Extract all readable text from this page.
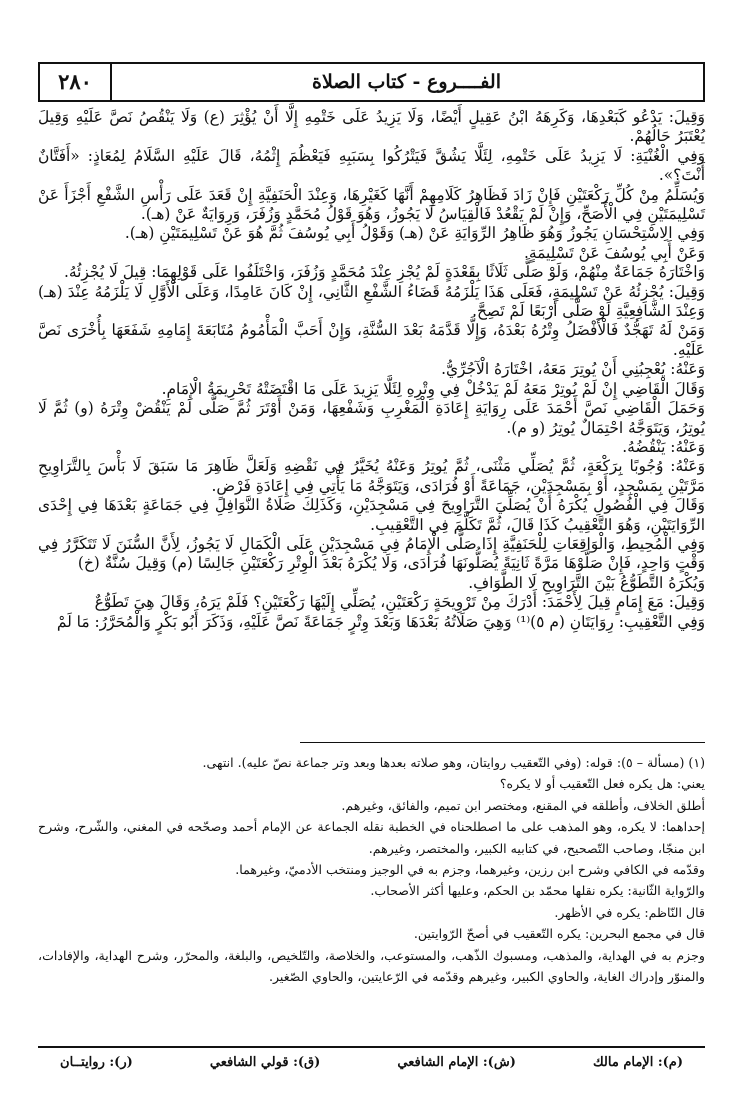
٢٨٠	الفــــروع - كتاب الصلاة

وَقِيلَ: يَدْعُو كَبَعْدِهَا، وَكَرِهَهُ ابْنُ عَقِيلٍ أَيْضًا، وَلَا يَزِيدُ عَلَى خَتْمِهِ إِلَّا أَنْ يُؤْثِرَ (ع) وَلَا يَنْقُصُ نَصَّ عَلَيْهِ وَقِيلَ يُعْتَبَرُ حَالُهُمْ.

وَفِي الْغُنْيَةِ: لَا يَزِيدُ عَلَى خَتْمِهِ، لِئَلَّا يَشُقَّ فَيَتْرُكُوا بِسَبَبِهِ فَيَعْظُمَ إِثْمُهُ، قَالَ عَلَيْهِ السَّلَامُ لِمُعَاذٍ: «أَفَتَّانٌ أَنْتَ؟».

وَيُسَلِّمُ مِنْ كُلِّ رَكْعَتَيْنِ فَإِنْ زَادَ فَظَاهِرُ كَلَامِهِمْ أَنَّهَا كَغَيْرِهَا، وَعِنْدَ الْحَنَفِيَّةِ إِنْ قَعَدَ عَلَى رَأْسِ الشَّفْعِ أَجْزَأَ عَنْ تَسْلِيمَتَيْنِ فِي الْأَصَحِّ، وَإِنْ لَمْ يَقْعُدْ فَالْقِيَاسُ لَا يَجُوزُ، وَهُوَ قَوْلُ مُحَمَّدٍ وَزُفَرَ، وَرِوَايَةٌ عَنْ (هـ).

وَفِي الِاسْتِحْسَانِ يَجُوزُ وَهُوَ ظَاهِرُ الرِّوَايَةِ عَنْ (هـ) وَقَوْلُ أَبِي يُوسُفَ ثُمَّ هُوَ عَنْ تَسْلِيمَتَيْنِ (هـ).

وَعَنْ أَبِي يُوسُفَ عَنْ تَسْلِيمَةٍ.

وَاخْتَارَهُ جَمَاعَةٌ مِنْهُمْ، وَلَوْ صَلَّى ثَلَاثًا بِقَعْدَةٍ لَمْ يُجْزِ عِنْدَ مُحَمَّدٍ وَزُفَرَ، وَاخْتَلَفُوا عَلَى قَوْلِهِمَا: قِيلَ لَا يُجْزِئُهُ.

وَقِيلَ: يُجْزِئُهُ عَنْ تَسْلِيمَةٍ، فَعَلَى هَذَا يَلْزَمُهُ قَضَاءُ الشَّفْعِ الثَّانِي، إِنْ كَانَ عَامِدًا، وَعَلَى الْأَوَّلِ لَا يَلْزَمُهُ عِنْدَ (هـ) وَعِنْدَ الشَّافِعِيَّةِ لَوْ صَلَّى أَرْبَعًا لَمْ تَصِحَّ.

وَمَنْ لَهُ تَهَجُّدٌ فَالْأَفْضَلُ وِتْرُهُ بَعْدَهُ، وَإِلَّا قَدَّمَهُ بَعْدَ السُّنَّةِ، وَإِنْ أَحَبَّ الْمَأْمُومُ مُتَابَعَةَ إِمَامِهِ شَفَعَهَا بِأُخْرَى نَصَّ عَلَيْهِ.

وَعَنْهُ: يُعْجِبُنِي أَنْ يُوتِرَ مَعَهُ، اخْتَارَهُ الْآجُرِّيُّ.

وَقَالَ الْقَاضِي إِنْ لَمْ يُوتِرْ مَعَهُ لَمْ يَدْخُلْ فِي وِتْرِهِ لِئَلَّا يَزِيدَ عَلَى مَا اقْتَضَتْهُ تَحْرِيمَةُ الْإِمَامِ.

وَحَمَلَ الْقَاضِي نَصَّ أَحْمَدَ عَلَى رِوَايَةِ إِعَادَةِ الْمَغْرِبِ وَشَفْعِهَا، وَمَنْ أَوْتَرَ ثُمَّ صَلَّى لَمْ يَنْقُضْ وِتْرَهُ (و) ثُمَّ لَا يُوتِرُ، وَيَتَوَجَّهُ احْتِمَالٌ يُوتِرُ (و م).

وَعَنْهُ: يَنْقُضُهُ.

وَعَنْهُ: وُجُوبًا بِرَكْعَةٍ، ثُمَّ يُصَلِّي مَثْنَى، ثُمَّ يُوتِرُ وَعَنْهُ يُخَيَّرُ فِي نَقْضِهِ وَلَعَلَّ ظَاهِرَ مَا سَبَقَ لَا بَأْسَ بِالتَّرَاوِيحِ مَرَّتَيْنِ بِمَسْجِدٍ، أَوْ بِمَسْجِدَيْنِ، جَمَاعَةً أَوْ فُرَادَى، وَيَتَوَجَّهُ مَا يَأْتِي فِي إِعَادَةِ فَرْضٍ.

وَقَالَ فِي الْفُصُولِ يُكْرَهُ أَنْ يُصَلِّيَ التَّرَاوِيحَ فِي مَسْجِدَيْنِ، وَكَذَلِكَ صَلَاةُ النَّوَافِلِ فِي جَمَاعَةٍ بَعْدَهَا فِي إِحْدَى الرِّوَايَتَيْنِ، وَهُوَ التَّعْقِيبُ كَذَا قَالَ، ثُمَّ تَكَلَّمَ فِي التَّعْقِيبِ.

وَفِي الْمُحِيطِ، وَالْوَاقِعَاتِ لِلْحَنَفِيَّةِ إِذَا صَلَّى الْإِمَامُ فِي مَسْجِدَيْنِ عَلَى الْكَمَالِ لَا يَجُوزُ، لِأَنَّ السُّنَنَ لَا تَتَكَرَّرُ فِي وَقْتٍ وَاحِدٍ، فَإِنْ صَلَّوْهَا مَرَّةً ثَانِيَةً يُصَلُّونَهَا فُرَادَى، وَلَا يُكْرَهُ بَعْدَ الْوِتْرِ رَكْعَتَيْنِ جَالِسًا (م) وَقِيلَ سُنَّةٌ (خ)

وَيُكْرَهُ التَّطَوُّعُ بَيْنَ التَّرَاوِيحِ لَا الطَّوَافِ.

وَقِيلَ: مَعَ إِمَامٍ قِيلَ لِأَحْمَدَ: أَدْرَكَ مِنْ تَرْوِيحَةٍ رَكْعَتَيْنِ، يُصَلِّي إِلَيْهَا رَكْعَتَيْنِ؟ فَلَمْ يَرَهُ، وَقَالَ هِيَ تَطَوُّعٌ

وَفِي التَّعْقِيبِ: رِوَايَتَانِ (م ٥)⁽¹⁾ وَهِيَ صَلَاتُهُ بَعْدَهَا وَبَعْدَ وِتْرٍ جَمَاعَةً نَصَّ عَلَيْهِ، وَذَكَرَ أَبُو بَكْرٍ وَالْمُحَرَّرُ: مَا لَمْ

(١) (مسألة – ٥): قوله: (وفي التّعقيب روايتان، وهو صلاته بعدها وبعد وتر جماعة نصّ عليه). انتهى.

يعني: هل يكره فعل التّعقيب أو لا يكره؟

أطلق الخلاف، وأطلقه في المقنع، ومختصر ابن تميم، والفائق، وغيرهم.

إحداهما: لا يكره، وهو المذهب على ما اصطلحناه في الخطبة نقله الجماعة عن الإمام أحمد وصحّحه في المغني، والشّرح، وشرح ابن منجّا، وصاحب التّصحيح، في كتابيه الكبير، والمختصر، وغيرهم.

وقدّمه في الكافي وشرح ابن رزين، وغيرهما، وجزم به في الوجيز ومنتخب الأدميّ، وغيرهما.

والرّواية الثّانية: يكره نقلها محمّد بن الحكم، وعليها أكثر الأصحاب.

قال النّاظم: يكره في الأظهر.

قال في مجمع البحرين: يكره التّعقيب في أصحّ الرّوايتين.

وجزم به في الهداية، والمذهب، ومسبوك الذّهب، والمستوعب، والخلاصة، والتّلخيص، والبلغة، والمحرّر، وشرح الهداية، والإفادات، والمنوّر وإدراك الغاية، والحاوي الكبير، وغيرهم وقدّمه في الرّعايتين، والحاوي الصّغير.

(م): الإمام مالك
(ش): الإمام الشافعي
(ق): قولي الشافعي
(ر): روايتــان
